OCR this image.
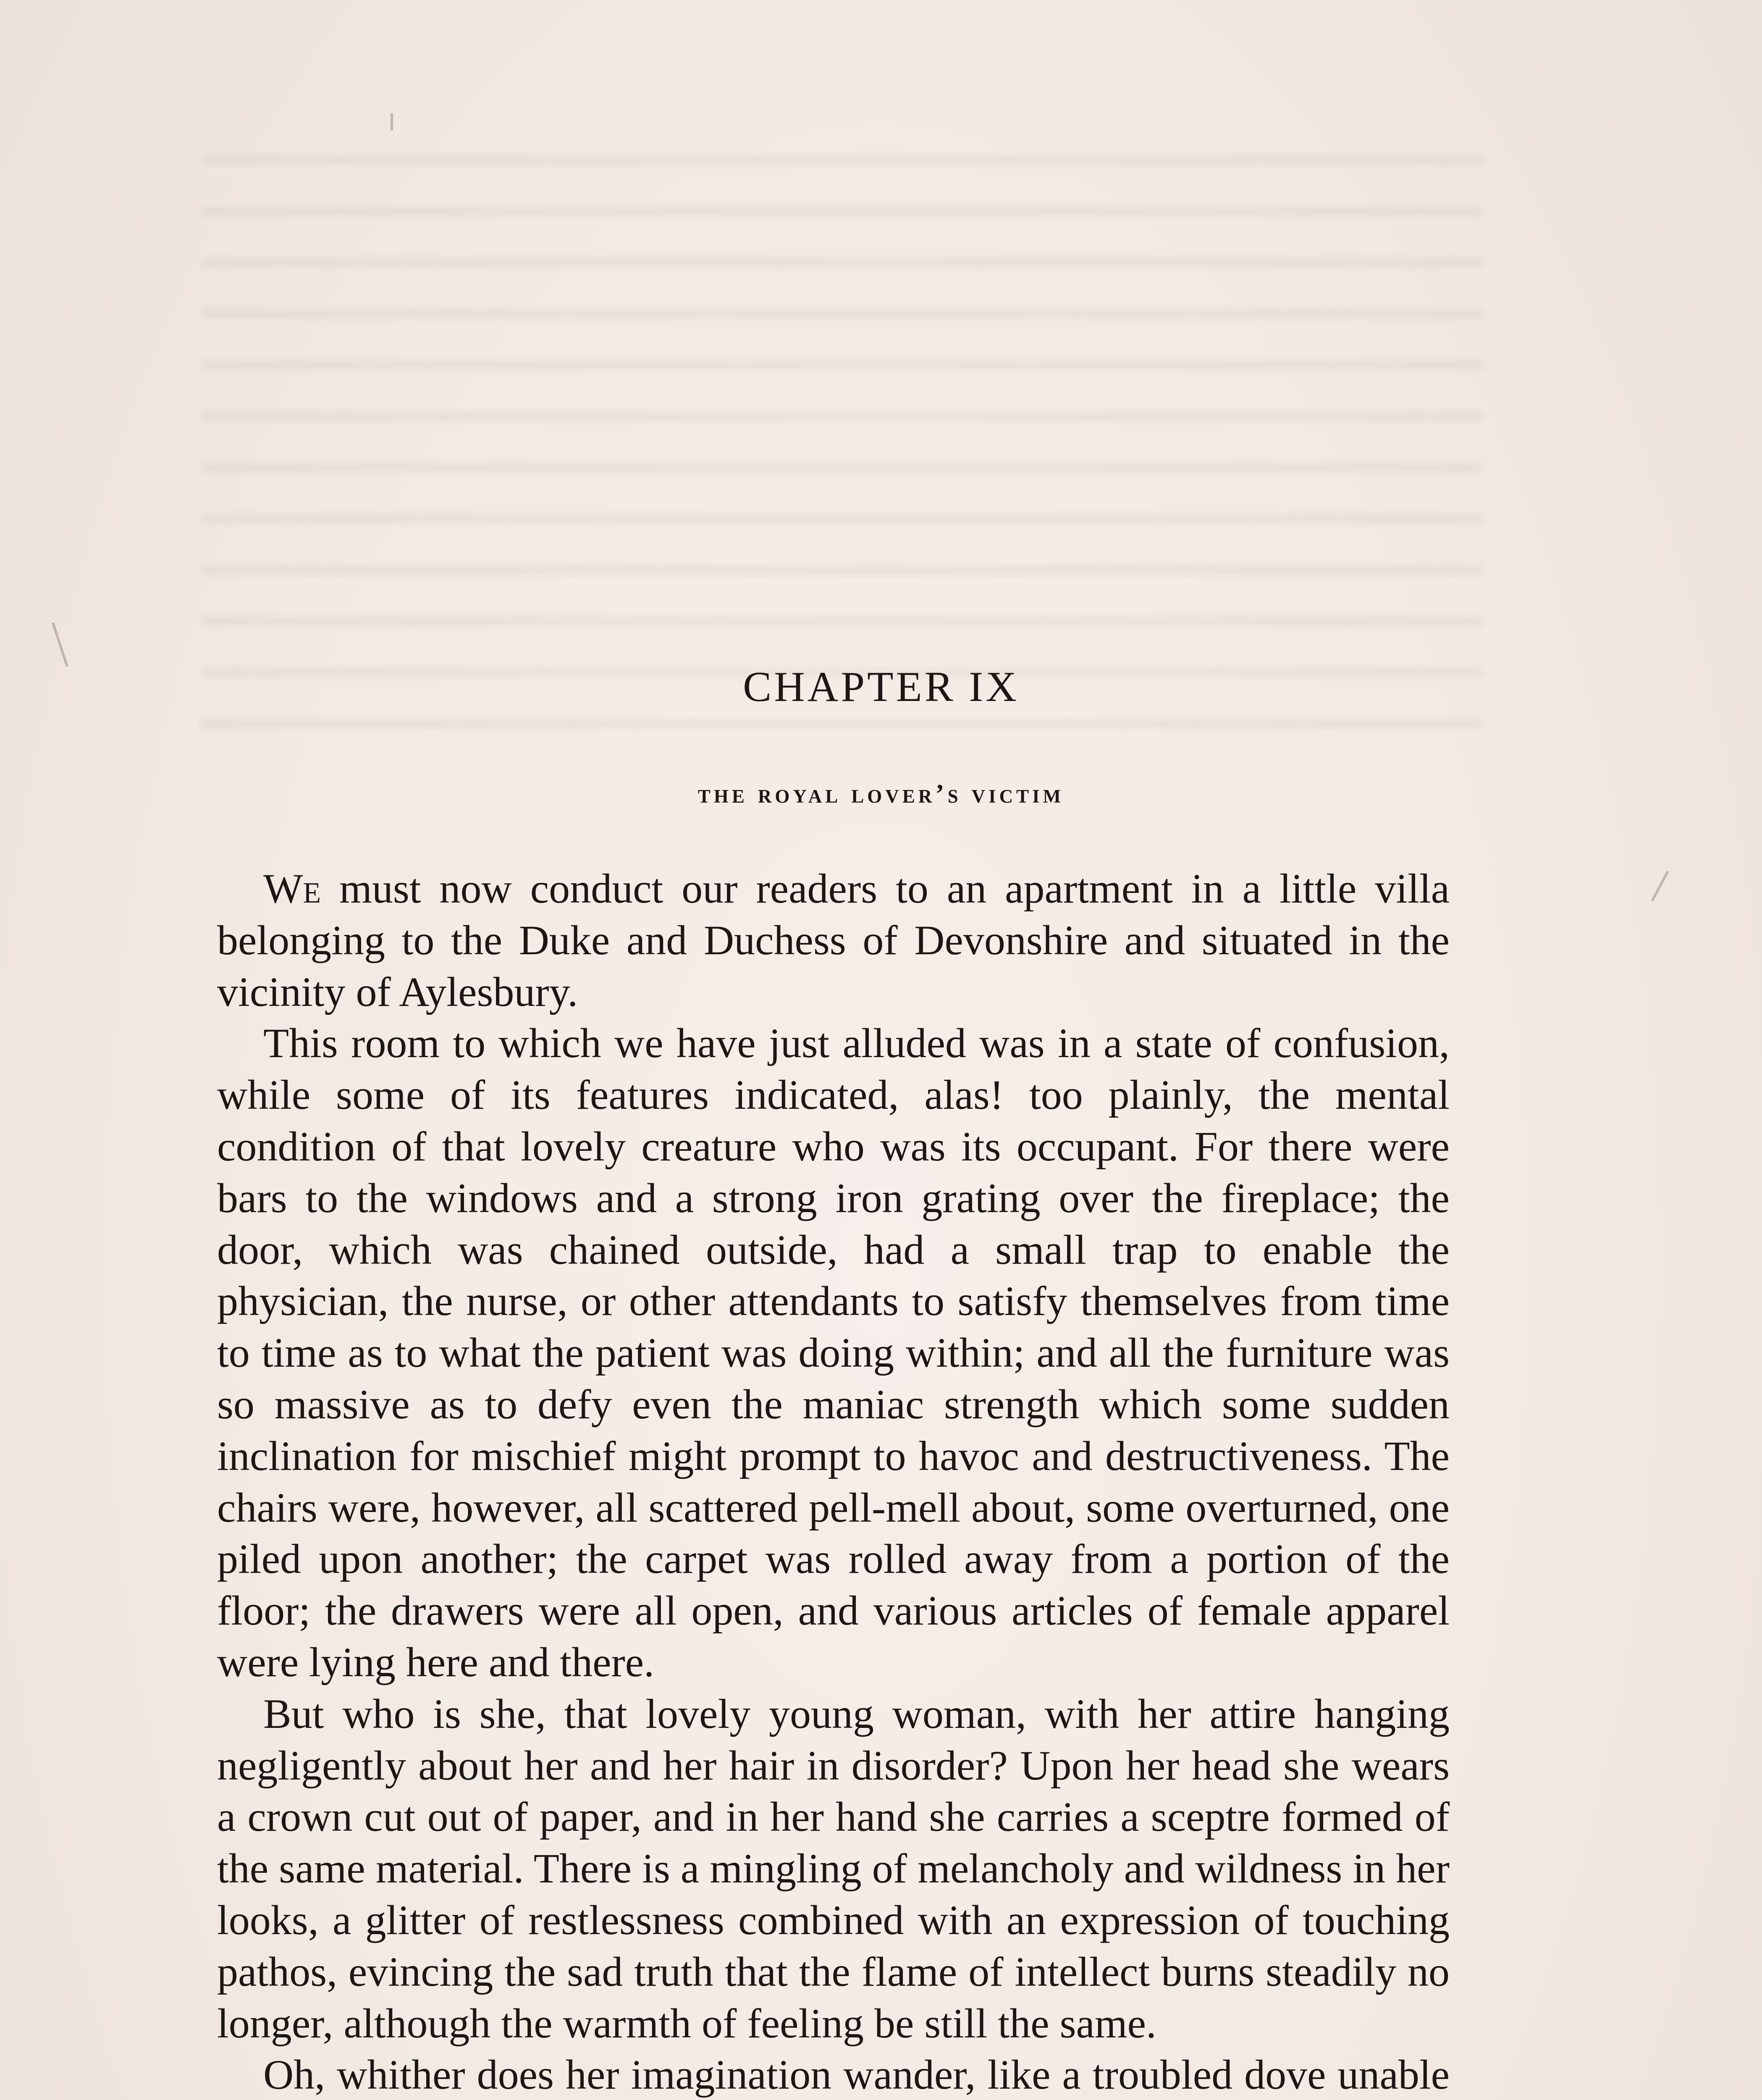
CHAPTER IX
the royal lover’s victim

We must now conduct our readers to an apartment in a little villa belonging to the Duke and Duchess of Devonshire and situated in the vicinity of Aylesbury.

This room to which we have just alluded was in a state of confusion, while some of its features indicated, alas! too plainly, the mental condition of that lovely creature who was its occupant. For there were bars to the windows and a strong iron grating over the fireplace; the door, which was chained outside, had a small trap to enable the physician, the nurse, or other attendants to satisfy themselves from time to time as to what the patient was doing within; and all the furniture was so massive as to defy even the maniac strength which some sudden inclination for mischief might prompt to havoc and destructiveness. The chairs were, however, all scattered pell-mell about, some overturned, one piled upon another; the carpet was rolled away from a portion of the floor; the drawers were all open, and various articles of female apparel were lying here and there.

But who is she, that lovely young woman, with her attire hanging negligently about her and her hair in disorder? Upon her head she wears a crown cut out of paper, and in her hand she carries a sceptre formed of the same material. There is a mingling of melancholy and wildness in her looks, a glitter of restlessness combined with an expression of touching pathos, evincing the sad truth that the flame of intellect burns steadily no longer, although the warmth of feeling be still the same.

Oh, whither does her imagination wander, like a troubled dove unable
